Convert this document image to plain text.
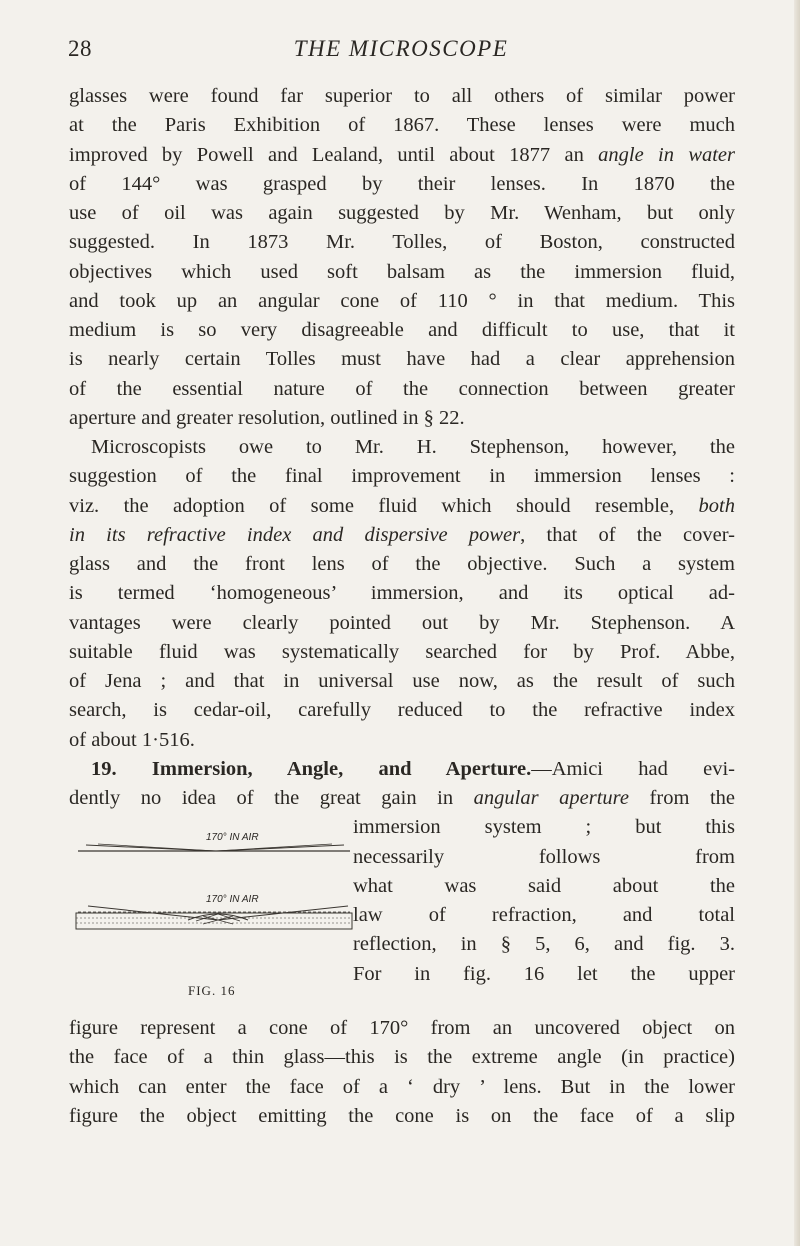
28	THE MICROSCOPE
glasses were found far superior to all others of similar power
at the Paris Exhibition of 1867. These lenses were much
improved by Powell and Lealand, until about 1877 an angle in water
of 144° was grasped by their lenses. In 1870 the
use of oil was again suggested by Mr. Wenham, but only
suggested. In 1873 Mr. Tolles, of Boston, constructed
objectives which used soft balsam as the immersion fluid,
and took up an angular cone of 110 ° in that medium. This
medium is so very disagreeable and difficult to use, that it
is nearly certain Tolles must have had a clear apprehension
of the essential nature of the connection between greater
aperture and greater resolution, outlined in § 22.
Microscopists owe to Mr. H. Stephenson, however, the
suggestion of the final improvement in immersion lenses :
viz. the adoption of some fluid which should resemble, both
in its refractive index and dispersive power, that of the cover-
glass and the front lens of the objective. Such a system
is termed ‘homogeneous’ immersion, and its optical ad-
vantages were clearly pointed out by Mr. Stephenson. A
suitable fluid was systematically searched for by Prof. Abbe,
of Jena ; and that in universal use now, as the result of such
search, is cedar-oil, carefully reduced to the refractive index
of about 1·516.
19. Immersion, Angle, and Aperture.—Amici had evi-
dently no idea of the great gain in angular aperture from the
immersion system ; but this
necessarily follows from
what was said about the
law of refraction, and total
reflection, in § 5, 6, and fig. 3.
For in fig. 16 let the upper
170° IN AIR
170° IN AIR
FIG. 16
figure represent a cone of 170° from an uncovered object on
the face of a thin glass—this is the extreme angle (in practice)
which can enter the face of a ‘ dry ’ lens. But in the lower
figure the object emitting the cone is on the face of a slip
